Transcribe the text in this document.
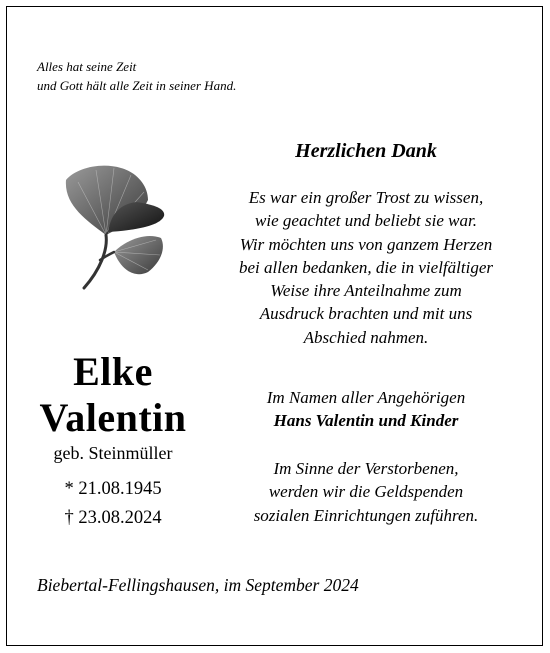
Alles hat seine Zeit
und Gott hält alle Zeit in seiner Hand.
Elke
Valentin
geb. Steinmüller
* 21.08.1945
† 23.08.2024
Herzlichen Dank
Es war ein großer Trost zu wissen,
wie geachtet und beliebt sie war.
Wir möchten uns von ganzem Herzen
bei allen bedanken, die in vielfältiger
Weise ihre Anteilnahme zum
Ausdruck brachten und mit uns
Abschied nahmen.
Im Namen aller Angehörigen
Hans Valentin und Kinder
Im Sinne der Verstorbenen,
werden wir die Geldspenden
sozialen Einrichtungen zuführen.
Biebertal-Fellingshausen, im September 2024
